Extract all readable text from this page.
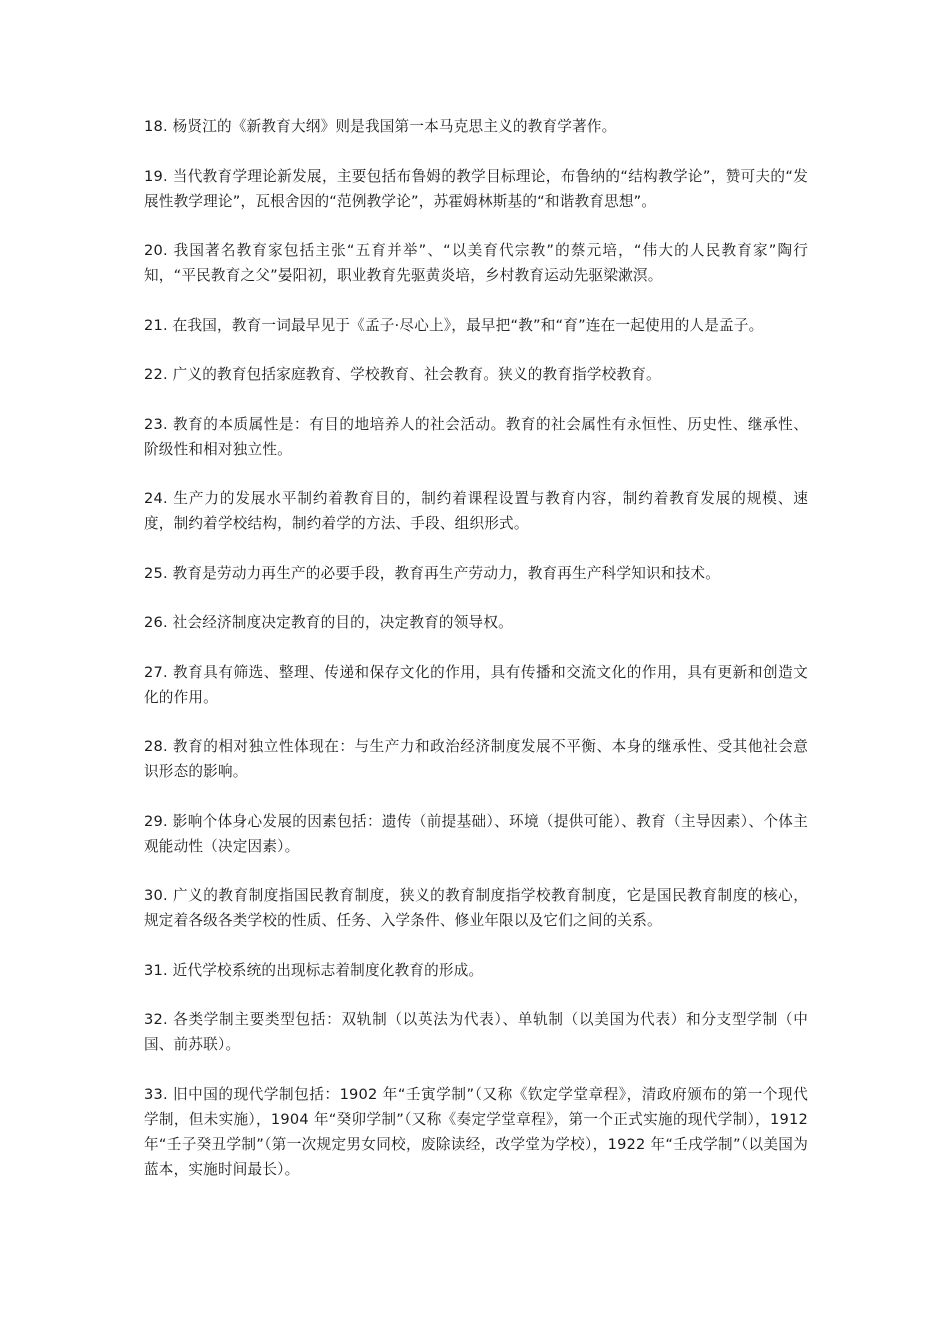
18. 杨贤江的《新教育大纲》则是我国第一本马克思主义的教育学著作。

19. 当代教育学理论新发展，主要包括布鲁姆的教学目标理论，布鲁纳的“结构教学论”，赞可夫的“发展性教学理论”，瓦根舍因的“范例教学论”，苏霍姆林斯基的“和谐教育思想”。

20. 我国著名教育家包括主张“五育并举”、“以美育代宗教”的蔡元培，“伟大的人民教育家”陶行知，“平民教育之父”晏阳初，职业教育先驱黄炎培，乡村教育运动先驱梁漱溟。

21. 在我国，教育一词最早见于《孟子·尽心上》，最早把“教”和“育”连在一起使用的人是孟子。

22. 广义的教育包括家庭教育、学校教育、社会教育。狭义的教育指学校教育。

23. 教育的本质属性是：有目的地培养人的社会活动。教育的社会属性有永恒性、历史性、继承性、阶级性和相对独立性。

24. 生产力的发展水平制约着教育目的，制约着课程设置与教育内容，制约着教育发展的规模、速度，制约着学校结构，制约着学的方法、手段、组织形式。

25. 教育是劳动力再生产的必要手段，教育再生产劳动力，教育再生产科学知识和技术。

26. 社会经济制度决定教育的目的，决定教育的领导权。

27. 教育具有筛选、整理、传递和保存文化的作用，具有传播和交流文化的作用，具有更新和创造文化的作用。

28. 教育的相对独立性体现在：与生产力和政治经济制度发展不平衡、本身的继承性、受其他社会意识形态的影响。

29. 影响个体身心发展的因素包括：遗传（前提基础）、环境（提供可能）、教育（主导因素）、个体主观能动性（决定因素）。

30. 广义的教育制度指国民教育制度，狭义的教育制度指学校教育制度，它是国民教育制度的核心，规定着各级各类学校的性质、任务、入学条件、修业年限以及它们之间的关系。

31. 近代学校系统的出现标志着制度化教育的形成。

32. 各类学制主要类型包括：双轨制（以英法为代表）、单轨制（以美国为代表）和分支型学制（中国、前苏联）。

33. 旧中国的现代学制包括：1902 年“壬寅学制”（又称《钦定学堂章程》，清政府颁布的第一个现代学制，但未实施），1904 年“癸卯学制”（又称《奏定学堂章程》，第一个正式实施的现代学制），1912 年“壬子癸丑学制”（第一次规定男女同校，废除读经，改学堂为学校），1922 年“壬戌学制”（以美国为蓝本，实施时间最长）。
